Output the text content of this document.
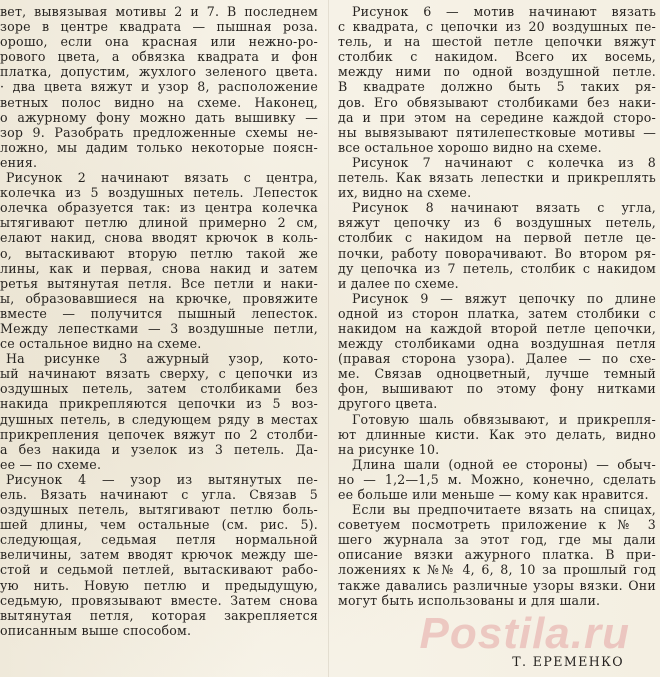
вет, вывязывая мотивы 2 и 7. В последнем
зоре в центре квадрата — пышная роза.
орошо, если она красная или нежно-ро-
рового цвета, а обвязка квадрата и фон
платка, допустим, жухлого зеленого цвета.
· два цвета вяжут и узор 8, расположение
ветных полос видно на схеме. Наконец,
о ажурному фону можно дать вышивку —
зор 9. Разобрать предложенные схемы не-
ложно, мы дадим только некоторые поясн-
ения.
Рисунок 2 начинают вязать с центра,
колечка из 5 воздушных петель. Лепесток
олечка образуется так: из центра колечка
ытягивают петлю длиной примерно 2 см,
елают накид, снова вводят крючок в коль-
о, вытаскивают вторую петлю такой же
лины, как и первая, снова накид и затем
ретья вытянутая петля. Все петли и наки-
ы, образовавшиеся на крючке, провяжите
вместе — получится пышный лепесток.
Между лепестками — 3 воздушные петли,
се остальное видно на схеме.
На рисунке 3 ажурный узор, кото-
ый начинают вязать сверху, с цепочки из
оздушных петель, затем столбиками без
накида прикрепляются цепочки из 5 воз-
душных петель, в следующем ряду в местах
прикрепления цепочек вяжут по 2 столби-
а без накида и узелок из 3 петель. Да-
ее — по схеме.
Рисунок 4 — узор из вытянутых пе-
ель. Вязать начинают с угла. Связав 5
оздушных петель, вытягивают петлю боль-
шей длины, чем остальные (см. рис. 5).
следующая, седьмая петля нормальной
величины, затем вводят крючок между ше-
стой и седьмой петлей, вытаскивают рабо-
ую нить. Новую петлю и предыдущую,
седьмую, провязывают вместе. Затем снова
вытянутая петля, которая закрепляется
описанным выше способом.
Рисунок 6 — мотив начинают вязать
с квадрата, с цепочки из 20 воздушных пе-
тель, и на шестой петле цепочки вяжут
столбик с накидом. Всего их восемь,
между ними по одной воздушной петле.
В квадрате должно быть 5 таких ря-
дов. Его обвязывают столбиками без наки-
да и при этом на середине каждой сторо-
ны вывязывают пятилепестковые мотивы —
все остальное хорошо видно на схеме.
Рисунок 7 начинают с колечка из 8
петель. Как вязать лепестки и прикреплять
их, видно на схеме.
Рисунок 8 начинают вязать с угла,
вяжут цепочку из 6 воздушных петель,
столбик с накидом на первой петле це-
почки, работу поворачивают. Во втором ря-
ду цепочка из 7 петель, столбик с накидом
и далее по схеме.
Рисунок 9 — вяжут цепочку по длине
одной из сторон платка, затем столбики с
накидом на каждой второй петле цепочки,
между столбиками одна воздушная петля
(правая сторона узора). Далее — по схе-
ме. Связав одноцветный, лучше темный
фон, вышивают по этому фону нитками
другого цвета.
Готовую шаль обвязывают, и прикрепля-
ют длинные кисти. Как это делать, видно
на рисунке 10.
Длина шали (одной ее стороны) — обыч-
но — 1,2—1,5 м. Можно, конечно, сделать
ее больше или меньше — кому как нравится.
Если вы предпочитаете вязать на спицах,
советуем посмотреть приложение к № 3
шего журнала за этот год, где мы дали
описание вязки ажурного платка. В при-
ложениях к №№ 4, 6, 8, 10 за прошлый год
также давались различные узоры вязки. Они
могут быть использованы и для шали.
Postila.ru
Т. ЕРЕМЕНКО
